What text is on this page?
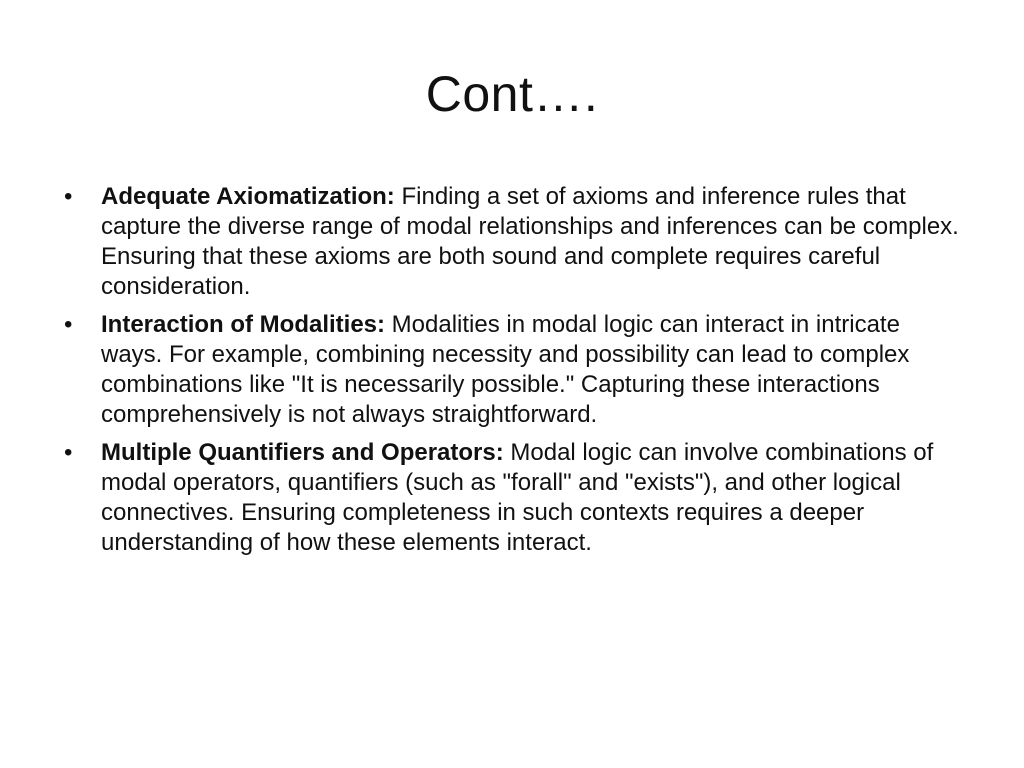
Cont….
• Adequate Axiomatization: Finding a set of axioms and inference rules that capture the diverse range of modal relationships and inferences can be complex. Ensuring that these axioms are both sound and complete requires careful consideration.
• Interaction of Modalities: Modalities in modal logic can interact in intricate ways. For example, combining necessity and possibility can lead to complex combinations like "It is necessarily possible." Capturing these interactions comprehensively is not always straightforward.
• Multiple Quantifiers and Operators: Modal logic can involve combinations of modal operators, quantifiers (such as "forall" and "exists"), and other logical connectives. Ensuring completeness in such contexts requires a deeper understanding of how these elements interact.
